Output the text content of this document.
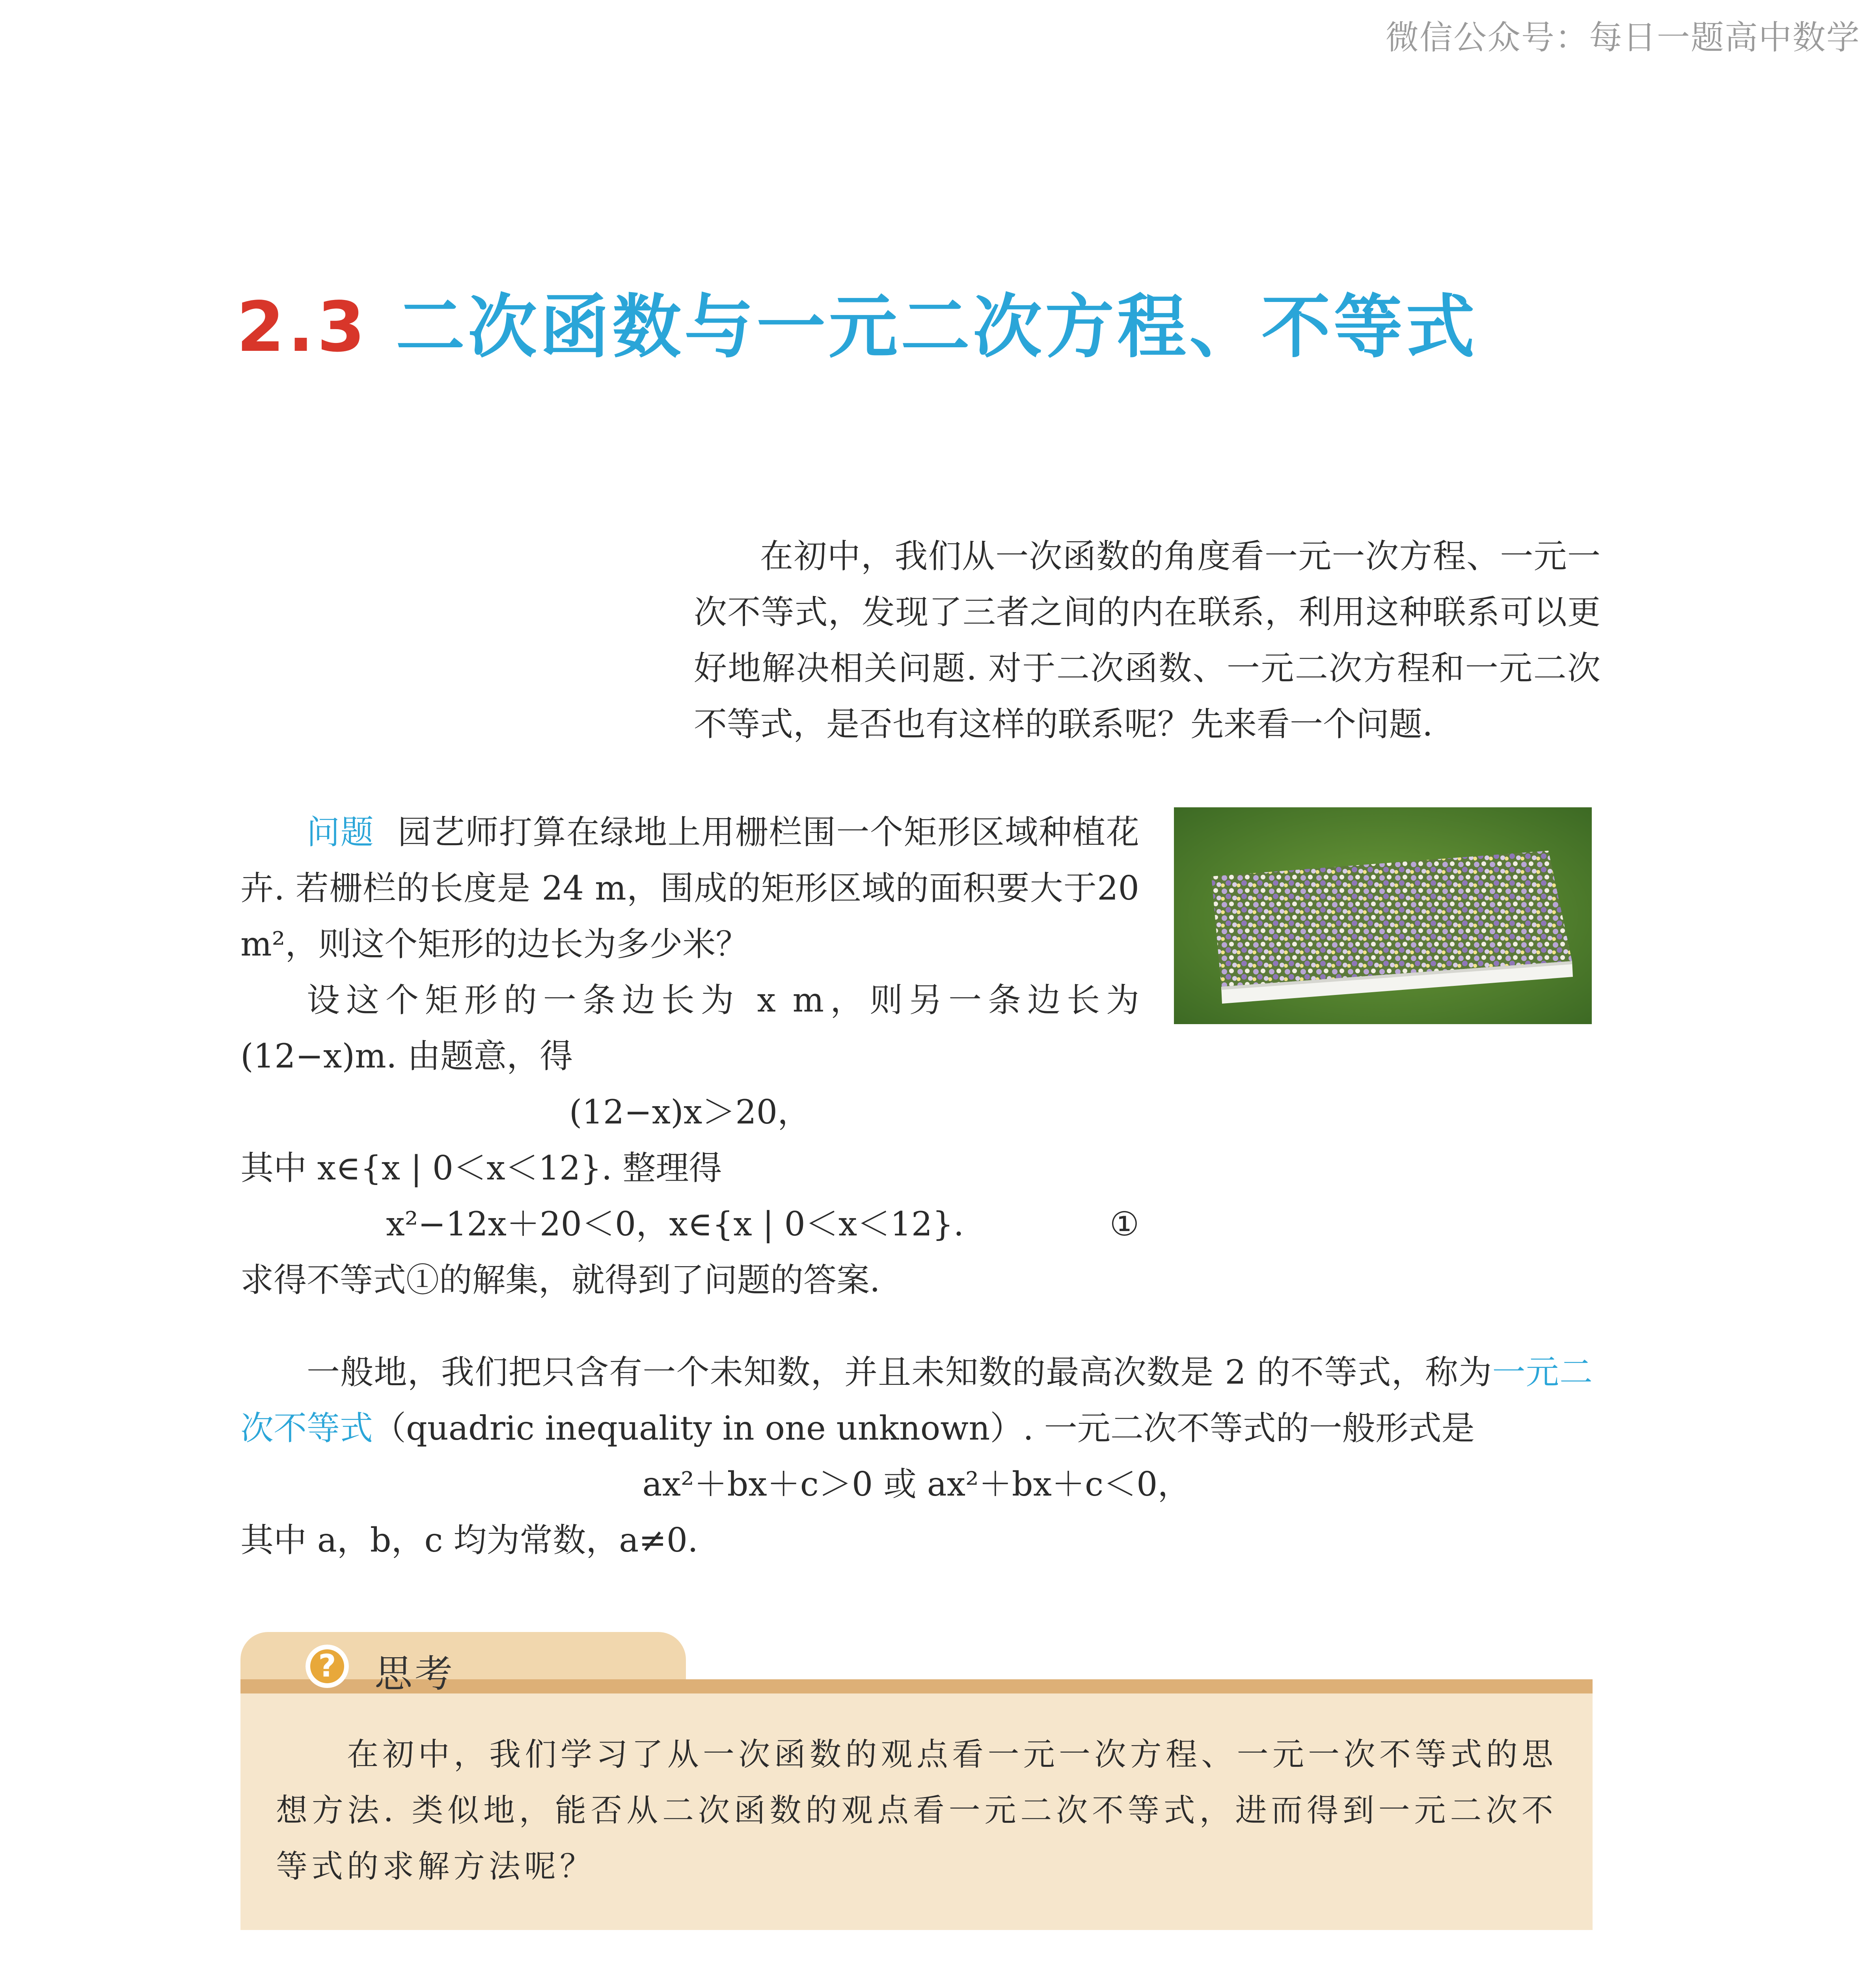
微信公众号：每日一题高中数学
2.3 二次函数与一元二次方程、不等式
在初中，我们从一次函数的角度看一元一次方程、一元一次不等式，发现了三者之间的内在联系，利用这种联系可以更好地解决相关问题. 对于二次函数、一元二次方程和一元二次不等式，是否也有这样的联系呢？先来看一个问题.

问题 园艺师打算在绿地上用栅栏围一个矩形区域种植花卉. 若栅栏的长度是 24 m，围成的矩形区域的面积要大于20 m²，则这个矩形的边长为多少米？

设这个矩形的一条边长为 x m，则另一条边长为(12−x)m. 由题意，得

(12−x)x＞20，

其中 x∈{x | 0＜x＜12}. 整理得

x²−12x＋20＜0，x∈{x | 0＜x＜12}.	①

求得不等式①的解集，就得到了问题的答案.

一般地，我们把只含有一个未知数，并且未知数的最高次数是 2 的不等式，称为一元二次不等式（quadric inequality in one unknown）. 一元二次不等式的一般形式是

ax²＋bx＋c＞0 或 ax²＋bx＋c＜0，

其中 a，b，c 均为常数，a≠0.

? 思考
在初中，我们学习了从一次函数的观点看一元一次方程、一元一次不等式的思想方法. 类似地，能否从二次函数的观点看一元二次不等式，进而得到一元二次不等式的求解方法呢？
